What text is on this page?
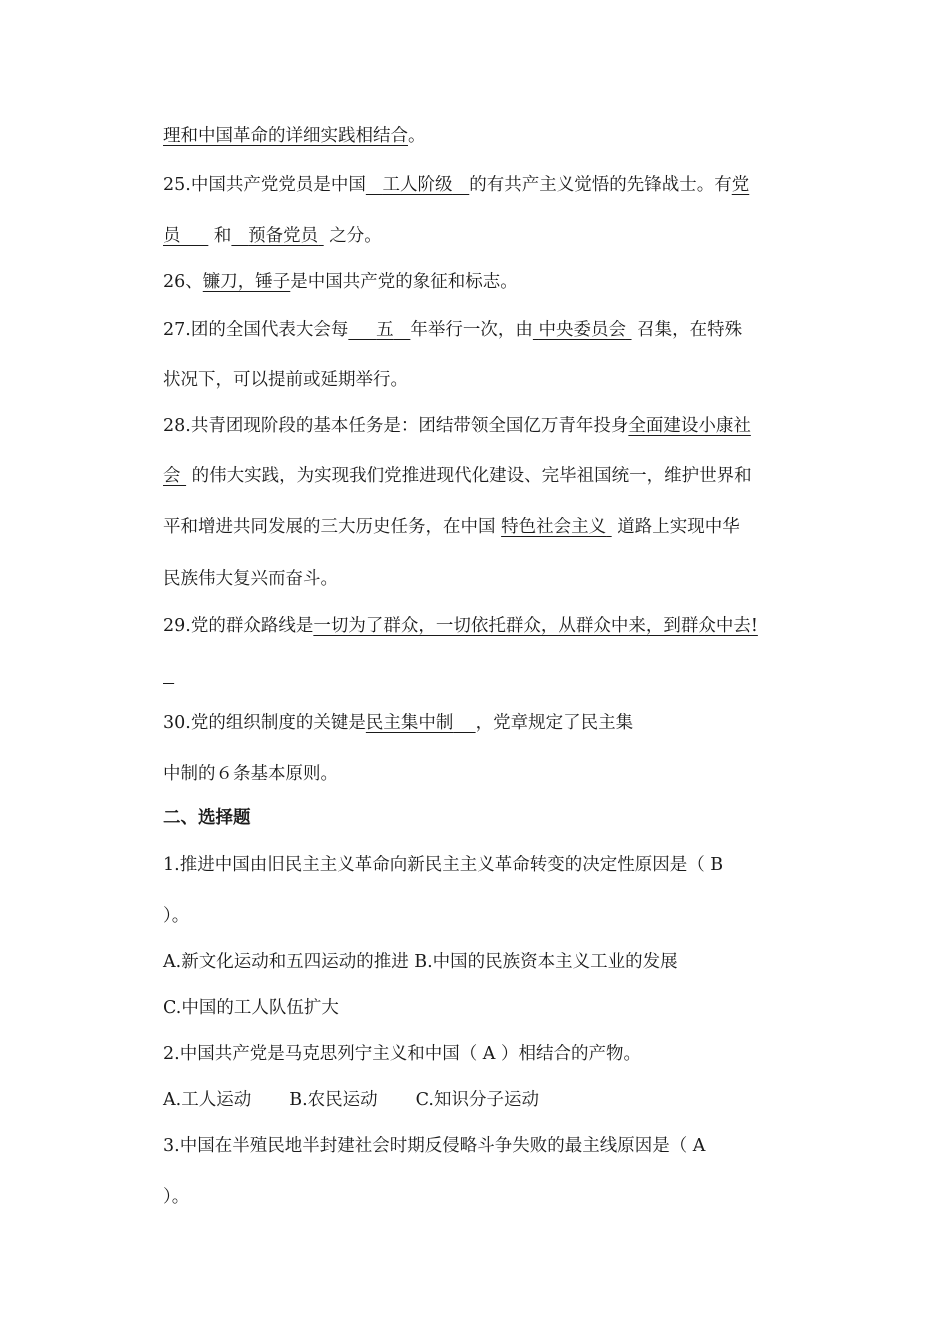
理和中国革命的详细实践相结合。
25.中国共产党党员是中国 工人阶级 的有共产主义觉悟的先锋战士。有党
员 和 预备党员 之分。
26、镰刀，锤子是中国共产党的象征和标志。
27.团的全国代表大会每 五 年举行一次，由 中央委员会 召集，在特殊
状况下，可以提前或延期举行。
28.共青团现阶段的基本任务是：团结带领全国亿万青年投身全面建设小康社
会 的伟大实践，为实现我们党推进现代化建设、完毕祖国统一，维护世界和
平和增进共同发展的三大历史任务，在中国 特色社会主义 道路上实现中华
民族伟大复兴而奋斗。
29.党的群众路线是一切为了群众，一切依托群众，从群众中来，到群众中去!

30.党的组织制度的关键是民主集中制 ，党章规定了民主集
中制的６条基本原则。
二、选择题
1.推进中国由旧民主主义革命向新民主主义革命转变的决定性原因是（ B
）。
A.新文化运动和五四运动的推进 B.中国的民族资本主义工业的发展
C.中国的工人队伍扩大
2.中国共产党是马克思列宁主义和中国（ A ）相结合的产物。
A.工人运动 B.农民运动 C.知识分子运动
3.中国在半殖民地半封建社会时期反侵略斗争失败的最主线原因是（ A
）。
